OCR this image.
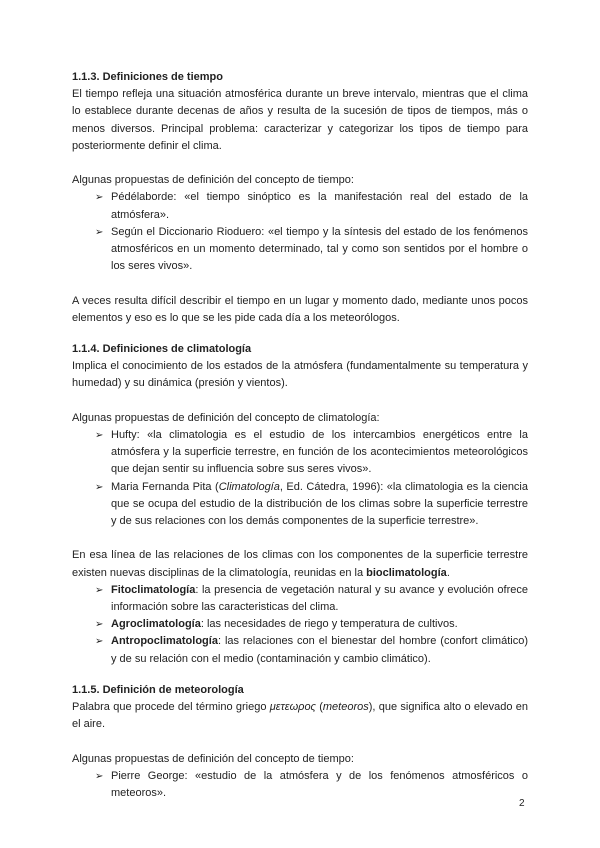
1.1.3. Definiciones de tiempo

El tiempo refleja una situación atmosférica durante un breve intervalo, mientras que el clima lo establece durante decenas de años y resulta de la sucesión de tipos de tiempos, más o menos diversos. Principal problema: caracterizar y categorizar los tipos de tiempo para posteriormente definir el clima.

Algunas propuestas de definición del concepto de tiempo:

➢ Pédélaborde: «el tiempo sinóptico es la manifestación real del estado de la atmósfera».
➢ Según el Diccionario Rioduero: «el tiempo y la síntesis del estado de los fenómenos atmosféricos en un momento determinado, tal y como son sentidos por el hombre o los seres vivos».

A veces resulta difícil describir el tiempo en un lugar y momento dado, mediante unos pocos elementos y eso es lo que se les pide cada día a los meteorólogos.

1.1.4. Definiciones de climatología

Implica el conocimiento de los estados de la atmósfera (fundamentalmente su temperatura y humedad) y su dinámica (presión y vientos).

Algunas propuestas de definición del concepto de climatología:

➢ Hufty: «la climatologia es el estudio de los intercambios energéticos entre la atmósfera y la superficie terrestre, en función de los acontecimientos meteorológicos que dejan sentir su influencia sobre sus seres vivos».
➢ Maria Fernanda Pita (Climatología, Ed. Cátedra, 1996): «la climatologia es la ciencia que se ocupa del estudio de la distribución de los climas sobre la superficie terrestre y de sus relaciones con los demás componentes de la superficie terrestre».

En esa línea de las relaciones de los climas con los componentes de la superficie terrestre existen nuevas disciplinas de la climatología, reunidas en la bioclimatología.

➢ Fitoclimatología: la presencia de vegetación natural y su avance y evolución ofrece información sobre las caracteristicas del clima.
➢ Agroclimatología: las necesidades de riego y temperatura de cultivos.
➢ Antropoclimatología: las relaciones con el bienestar del hombre (confort climático) y de su relación con el medio (contaminación y cambio climático).
1.1.5. Definición de meteorología

Palabra que procede del término griego μετεωρος (meteoros), que significa alto o elevado en el aire.

Algunas propuestas de definición del concepto de tiempo:

➢ Pierre George: «estudio de la atmósfera y de los fenómenos atmosféricos o meteoros».
2
